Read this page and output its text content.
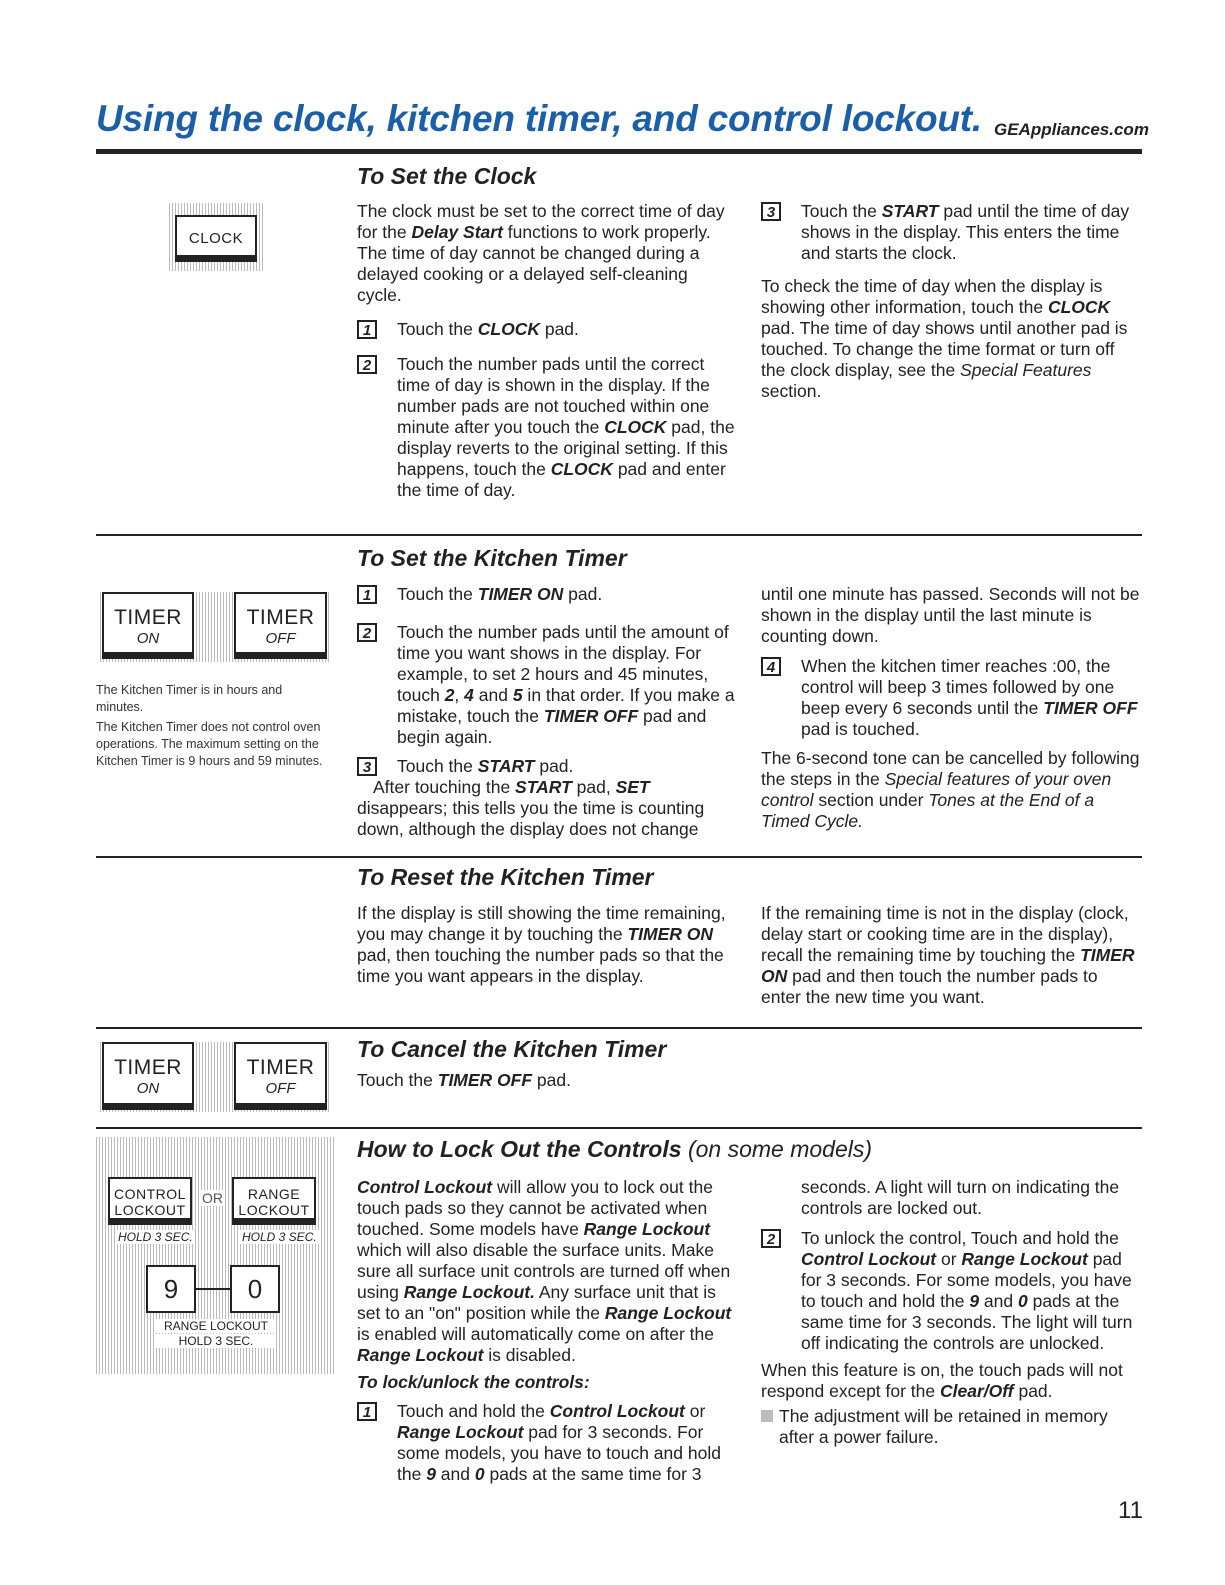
Using the clock, kitchen timer, and control lockout. GEAppliances.com
To Set the Clock
CLOCK

The clock must be set to the correct time of day for the Delay Start functions to work properly. The time of day cannot be changed during a delayed cooking or a delayed self-cleaning cycle.

1	Touch the CLOCK pad.
2	Touch the number pads until the correct time of day is shown in the display. If the number pads are not touched within one minute after you touch the CLOCK pad, the display reverts to the original setting. If this happens, touch the CLOCK pad and enter the time of day.
3	Touch the START pad until the time of day shows in the display. This enters the time and starts the clock.

To check the time of day when the display is showing other information, touch the CLOCK pad. The time of day shows until another pad is touched. To change the time format or turn off the clock display, see the Special Features section.

To Set the Kitchen Timer
TIMER
ON
TIMER
OFF

The Kitchen Timer is in hours and minutes.

The Kitchen Timer does not control oven operations. The maximum setting on the Kitchen Timer is 9 hours and 59 minutes.

1	Touch the TIMER ON pad.
2	Touch the number pads until the amount of time you want shows in the display. For example, to set 2 hours and 45 minutes, touch 2, 4 and 5 in that order. If you make a mistake, touch the TIMER OFF pad and begin again.
3	Touch the START pad.

After touching the START pad, SET disappears; this tells you the time is counting down, although the display does not change

until one minute has passed. Seconds will not be shown in the display until the last minute is counting down.

4	When the kitchen timer reaches :00, the control will beep 3 times followed by one beep every 6 seconds until the TIMER OFF pad is touched.

The 6-second tone can be cancelled by following the steps in the Special features of your oven control section under Tones at the End of a Timed Cycle.

To Reset the Kitchen Timer
If the display is still showing the time remaining, you may change it by touching the TIMER ON pad, then touching the number pads so that the time you want appears in the display.
If the remaining time is not in the display (clock, delay start or cooking time are in the display), recall the remaining time by touching the TIMER ON pad and then touch the number pads to enter the new time you want.
To Cancel the Kitchen Timer
Touch the TIMER OFF pad.
TIMER
ON
TIMER
OFF
How to Lock Out the Controls (on some models)
CONTROL
LOCKOUT
OR	RANGE
LOCKOUT
HOLD 3 SEC.	HOLD 3 SEC.
9	0
RANGE LOCKOUT
HOLD 3 SEC.

Control Lockout will allow you to lock out the touch pads so they cannot be activated when touched. Some models have Range Lockout which will also disable the surface units. Make sure all surface unit controls are turned off when using Range Lockout. Any surface unit that is set to an "on" position while the Range Lockout is enabled will automatically come on after the Range Lockout is disabled.

To lock/unlock the controls:

1	Touch and hold the Control Lockout or Range Lockout pad for 3 seconds. For some models, you have to touch and hold the 9 and 0 pads at the same time for 3

seconds. A light will turn on indicating the controls are locked out.

2	To unlock the control, Touch and hold the Control Lockout or Range Lockout pad for 3 seconds. For some models, you have to touch and hold the 9 and 0 pads at the same time for 3 seconds. The light will turn off indicating the controls are unlocked.

When this feature is on, the touch pads will not respond except for the Clear/Off pad.

The adjustment will be retained in memory after a power failure.
11
